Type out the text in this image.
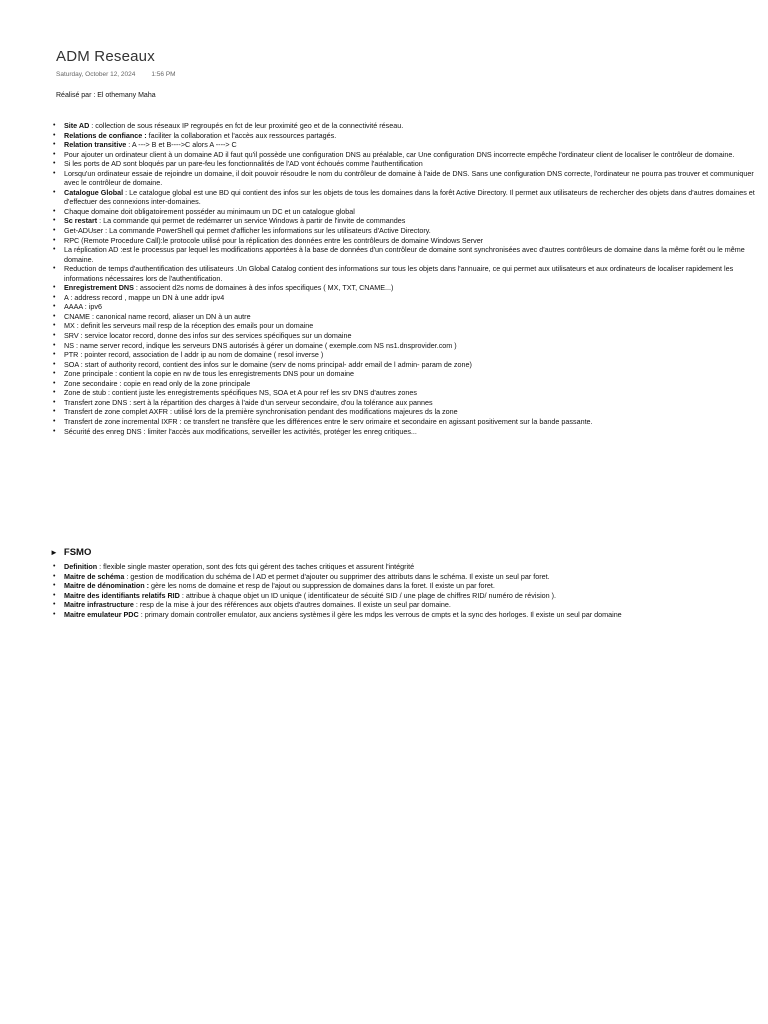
ADM Reseaux
Saturday, October 12, 2024 1:56 PM
Réalisé par : El othemany Maha
• Site AD : collection de sous réseaux IP regroupés en fct de leur proximité geo et de la connectivité réseau.
• Relations de confiance : faciliter la collaboration et l'accès aux ressources partagés.
• Relation transitive : A ---> B et B---->C alors A ----> C
• Pour ajouter un ordinateur client à un domaine AD il faut qu'il possède une configuration DNS au préalable, car Une configuration DNS incorrecte empêche l'ordinateur client de localiser le contrôleur de domaine.
• Si les ports de AD sont bloqués par un pare-feu les fonctionnalités de l'AD vont échoués comme l'authentification
• Lorsqu'un ordinateur essaie de rejoindre un domaine, il doit pouvoir résoudre le nom du contrôleur de domaine à l'aide de DNS. Sans une configuration DNS correcte, l'ordinateur ne pourra pas trouver et communiquer avec le contrôleur de domaine.
• Catalogue Global : Le catalogue global est une BD qui contient des infos sur les objets de tous les domaines dans la forêt Active Directory. Il permet aux utilisateurs de rechercher des objets dans d'autres domaines et d'effectuer des connexions inter-domaines.
• Chaque domaine doit obligatoirement posséder au minimaum un DC et un catalogue global
• Sc restart : La commande qui permet de redémarrer un service Windows à partir de l'invite de commandes
• Get-ADUser : La commande PowerShell qui permet d'afficher les informations sur les utilisateurs d'Active Directory.
• RPC (Remote Procedure Call):le protocole utilisé pour la réplication des données entre les contrôleurs de domaine Windows Server
• La réplication AD :est le processus par lequel les modifications apportées à la base de données d'un contrôleur de domaine sont synchronisées avec d'autres contrôleurs de domaine dans la même forêt ou le même domaine.
• Reduction de temps d'authentification des utilisateurs .Un Global Catalog contient des informations sur tous les objets dans l'annuaire, ce qui permet aux utilisateurs et aux ordinateurs de localiser rapidement les informations nécessaires lors de l'authentification.
• Enregistrement DNS : associent d2s noms de domaines à des infos specifiques ( MX, TXT, CNAME...)
• A : address record , mappe un DN à une addr ipv4
• AAAA : ipv6
• CNAME : canonical name record, aliaser un DN à un autre
• MX : definit les serveurs mail resp de la réception des emails pour un domaine
• SRV : service locator record, donne des infos sur des services spécifiques sur un domaine
• NS : name server record, indique les serveurs DNS autorisés à gérer un domaine ( exemple.com NS ns1.dnsprovider.com )
• PTR : pointer record, association de l addr ip au nom de domaine ( resol inverse )
• SOA : start of authority record, contient des infos sur le domaine (serv de noms principal- addr email de l admin- param de zone)
• Zone principale : contient la copie en rw de tous les enregistrements DNS pour un domaine
• Zone secondaire : copie en read only de la zone principale
• Zone de stub : contient juste les enregistrements spécifiques NS, SOA et A pour ref les srv DNS d'autres zones
• Transfert zone DNS : sert à la répartition des charges à l'aide d'un serveur secondaire, d'ou la tolérance aux pannes
• Transfert de zone complet AXFR : utilisé lors de la première synchronisation pendant des modifications majeures ds la zone
• Transfert de zone incremental IXFR : ce transfert ne transfère que les différences entre le serv orimaire et secondaire en agissant positivement sur la bande passante.
• Sécurité des enreg DNS : limiter l'accès aux modifications, serveiller les activités, protéger les enreg critiques...
► FSMO
• Definition : flexible single master operation, sont des fcts qui gérent des taches critiques et assurent l'intégrité
• Maitre de schéma : gestion de modification du schéma de l AD et permet d'ajouter ou supprimer des attributs dans le schéma. Il existe un seul par foret.
• Maitre de dénomination : gère les noms de domaine et resp de l'ajout ou suppression de domaines dans la foret. Il existe un par foret.
• Maitre des identifiants relatifs RID : attribue à chaque objet un ID unique ( identificateur de sécuité SID / une plage de chiffres RID/ numéro de révision ).
• Maitre infrastructure : resp de la mise à jour des références aux objets d'autres domaines. Il existe un seul par domaine.
• Maitre emulateur PDC : primary domain controller emulator, aux anciens systèmes il gère les mdps les verrous de cmpts et la sync des horloges. Il existe un seul par domaine
